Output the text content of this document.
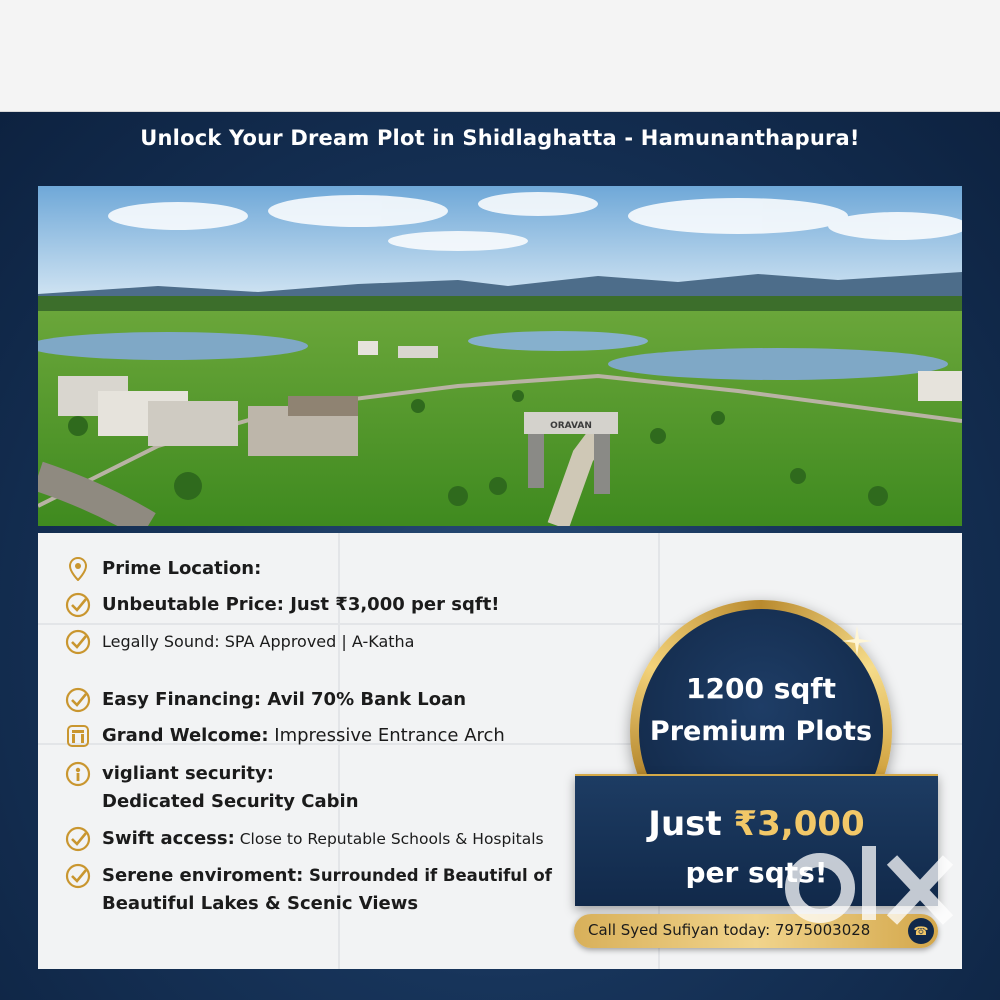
Unlock Your Dream Plot in Shidlaghatta - Hamunanthapura!
ORAVAN
Prime Location:
Unbeutable Price: Just ₹3,000 per sqft!
Legally Sound: SPA Approved | A-Katha
Easy Financing: Avil 70% Bank Loan
Grand Welcome: Impressive Entrance Arch
vigliant security:
Dedicated Security Cabin
Swift access: Close to Reputable Schools & Hospitals
Serene enviroment: Surrounded if Beautiful of
Beautiful Lakes & Scenic Views
1200 sqft
Premium Plots
Just ₹3,000
per sqts!
Call Syed Sufiyan today: 7975003028	☎
